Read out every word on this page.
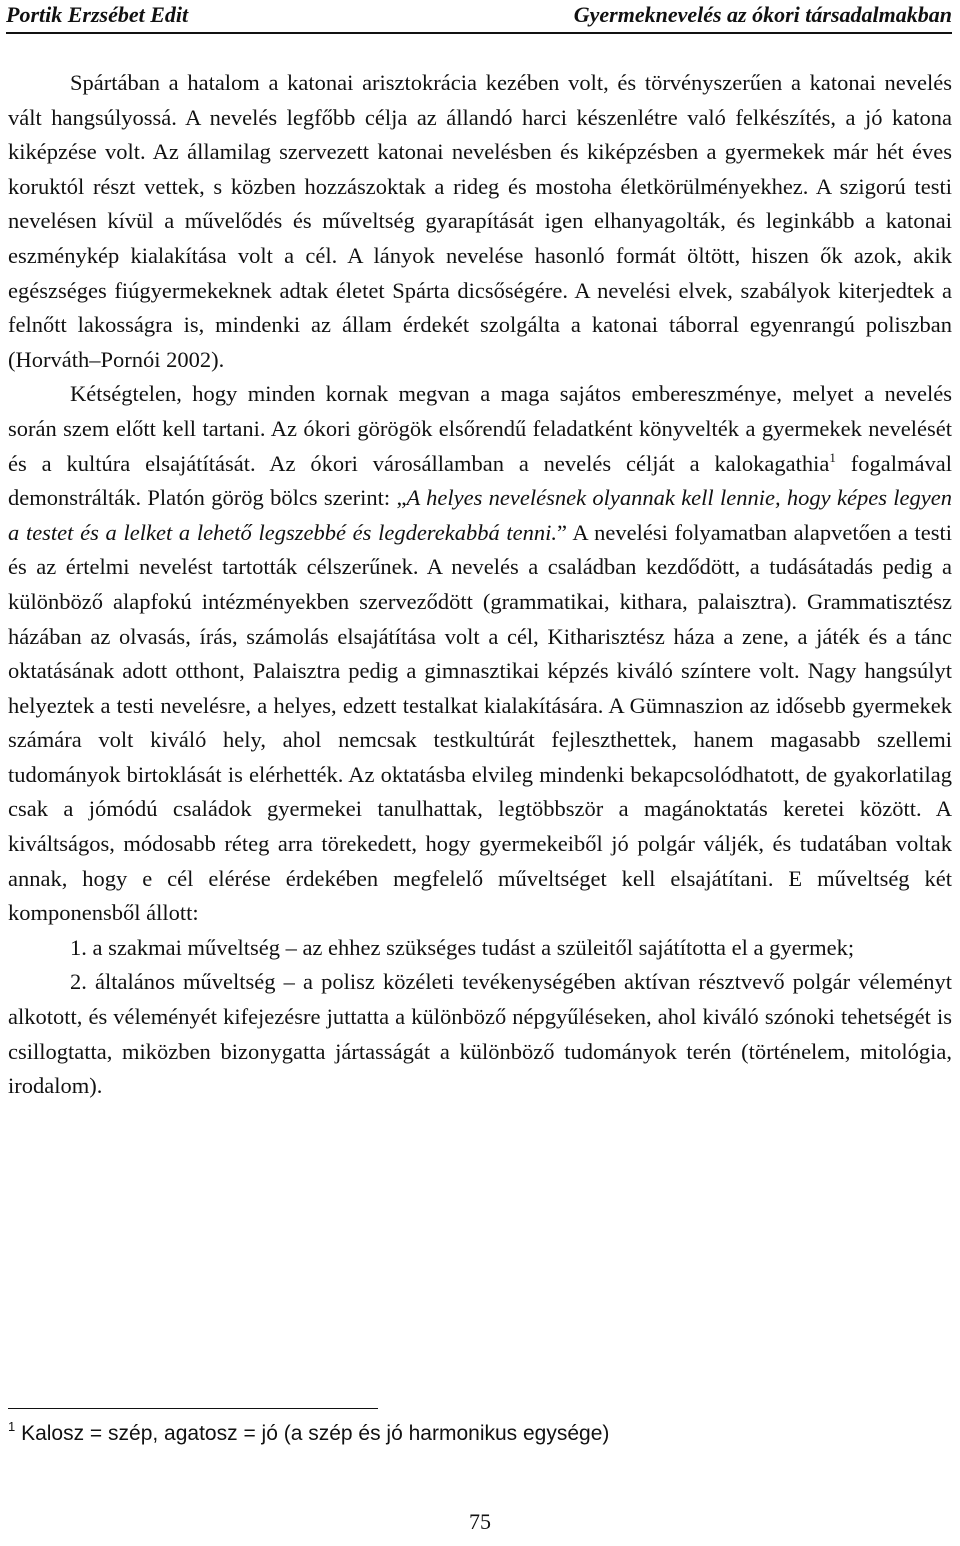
Portik Erzsébet Edit	Gyermeknevelés az ókori társadalmakban

Spártában a hatalom a katonai arisztokrácia kezében volt, és törvényszerűen a katonai nevelés vált hangsúlyossá. A nevelés legfőbb célja az állandó harci készenlétre való felkészítés, a jó katona kiképzése volt. Az államilag szervezett katonai nevelésben és kiképzésben a gyermekek már hét éves koruktól részt vettek, s közben hozzászoktak a rideg és mostoha életkörülményekhez. A szigorú testi nevelésen kívül a művelődés és műveltség gyarapítását igen elhanyagolták, és leginkább a katonai eszménykép kialakítása volt a cél. A lányok nevelése hasonló formát öltött, hiszen ők azok, akik egészséges fiúgyermekeknek adtak életet Spárta dicsőségére. A nevelési elvek, szabályok kiterjedtek a felnőtt lakosságra is, mindenki az állam érdekét szolgálta a katonai táborral egyenrangú poliszban (Horváth–Pornói 2002).

Kétségtelen, hogy minden kornak megvan a maga sajátos embereszménye, melyet a nevelés során szem előtt kell tartani. Az ókori görögök elsőrendű feladatként könyvelték a gyermekek nevelését és a kultúra elsajátítását. Az ókori városállamban a nevelés célját a kalokagathia$^1$ fogalmával demonstrálták. Platón görög bölcs szerint: „A helyes nevelésnek olyannak kell lennie, hogy képes legyen a testet és a lelket a lehető legszebbé és legderekabbá tenni.” A nevelési folyamatban alapvetően a testi és az értelmi nevelést tartották célszerűnek. A nevelés a családban kezdődött, a tudásátadás pedig a különböző alapfokú intézményekben szerveződött (grammatikai, kithara, palaisztra). Grammatisztész házában az olvasás, írás, számolás elsajátítása volt a cél, Kitharisztész háza a zene, a játék és a tánc oktatásának adott otthont, Palaisztra pedig a gimnasztikai képzés kiváló színtere volt. Nagy hangsúlyt helyeztek a testi nevelésre, a helyes, edzett testalkat kialakítására. A Gümnaszion az idősebb gyermekek számára volt kiváló hely, ahol nemcsak testkultúrát fejleszthettek, hanem magasabb szellemi tudományok birtoklását is elérhették. Az oktatásba elvileg mindenki bekapcsolódhatott, de gyakorlatilag csak a jómódú családok gyermekei tanulhattak, legtöbbször a magánoktatás keretei között. A kiváltságos, módosabb réteg arra törekedett, hogy gyermekeiből jó polgár váljék, és tudatában voltak annak, hogy e cél elérése érdekében megfelelő műveltséget kell elsajátítani. E műveltség két komponensből állott:

1. a szakmai műveltség – az ehhez szükséges tudást a szüleitől sajátította el a gyermek;

2. általános műveltség – a polisz közéleti tevékenységében aktívan résztvevő polgár véleményt alkotott, és véleményét kifejezésre juttatta a különböző népgyűléseken, ahol kiváló szónoki tehetségét is csillogtatta, miközben bizonygatta jártasságát a különböző tudományok terén (történelem, mitológia, irodalom).

$^1$ Kalosz = szép, agatosz = jó (a szép és jó harmonikus egysége)
75
